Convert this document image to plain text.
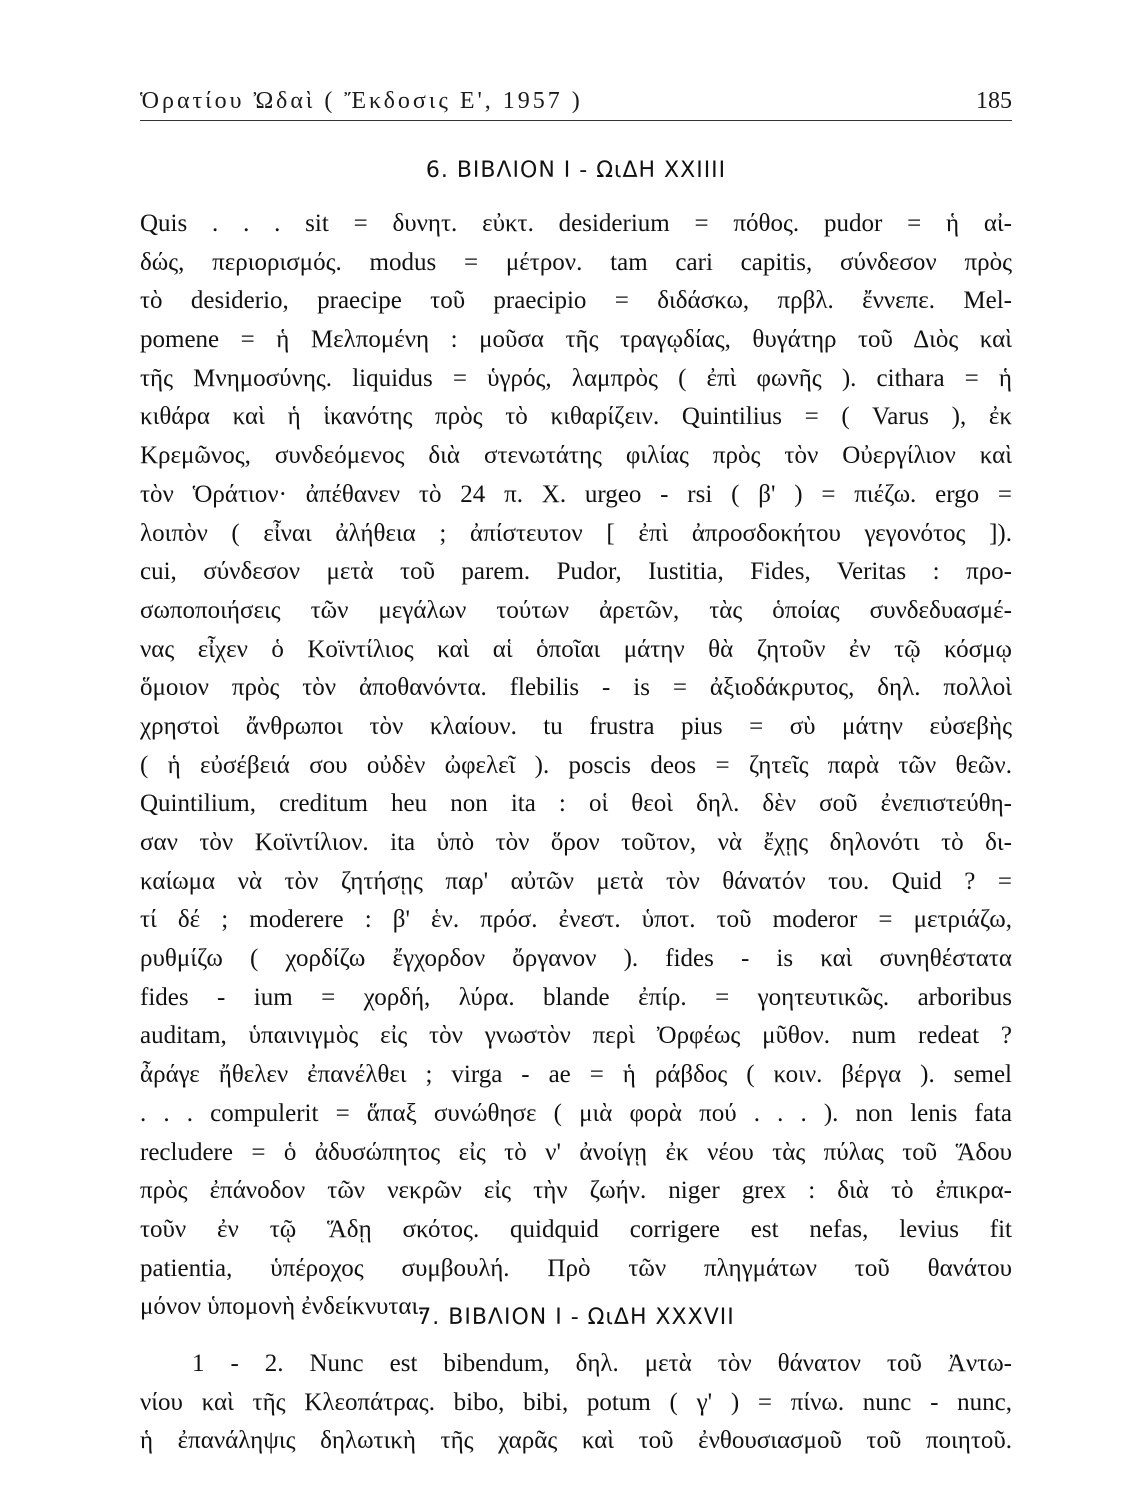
Ὁρατίου Ὠδαὶ ( Ἔκδοσις Ε', 1957 )	185
6. ΒΙΒΛΙΟΝ Ι - ΩιΔΗ XXIIII
Quis . . . sit = δυνητ. εὐκτ. desiderium = πόθος. pudor = ἡ αἰ-
δώς, περιορισμός. modus = μέτρον. tam cari capitis, σύνδεσον πρὸς
τὸ desiderio, praecipe τοῦ praecipio = διδάσκω, πρβλ. ἔννεπε. Mel-
pomene = ἡ Μελπομένη : μοῦσα τῆς τραγῳδίας, θυγάτηρ τοῦ Διὸς καὶ
τῆς Μνημοσύνης. liquidus = ὑγρός, λαμπρὸς ( ἐπὶ φωνῆς ). cithara = ἡ
κιθάρα καὶ ἡ ἱκανότης πρὸς τὸ κιθαρίζειν. Quintilius = ( Varus ), ἐκ
Κρεμῶνος, συνδεόμενος διὰ στενωτάτης φιλίας πρὸς τὸν Οὐεργίλιον καὶ
τὸν Ὁράτιον· ἀπέθανεν τὸ 24 π. Χ. urgeo - rsi ( β' ) = πιέζω. ergo =
λοιπὸν ( εἶναι ἀλήθεια ; ἀπίστευτον [ ἐπὶ ἀπροσδοκήτου γεγονότος ]).
cui, σύνδεσον μετὰ τοῦ parem. Pudor, Iustitia, Fides, Veritas : προ-
σωποποιήσεις τῶν μεγάλων τούτων ἀρετῶν, τὰς ὁποίας συνδεδυασμέ-
νας εἶχεν ὁ Κοϊντίλιος καὶ αἱ ὁποῖαι μάτην θὰ ζητοῦν ἐν τῷ κόσμῳ
ὅμοιον πρὸς τὸν ἀποθανόντα. flebilis - is = ἀξιοδάκρυτος, δηλ. πολλοὶ
χρηστοὶ ἄνθρωποι τὸν κλαίουν. tu frustra pius = σὺ μάτην εὐσεβὴς
( ἡ εὐσέβειά σου οὐδὲν ὠφελεῖ ). poscis deos = ζητεῖς παρὰ τῶν θεῶν.
Quintilium, creditum heu non ita : οἱ θεοὶ δηλ. δὲν σοῦ ἐνεπιστεύθη-
σαν τὸν Κοϊντίλιον. ita ὑπὸ τὸν ὅρον τοῦτον, νὰ ἔχῃς δηλονότι τὸ δι-
καίωμα νὰ τὸν ζητήσῃς παρ' αὐτῶν μετὰ τὸν θάνατόν του. Quid ? =
τί δέ ; moderere : β' ἑν. πρόσ. ἐνεστ. ὑποτ. τοῦ moderor = μετριάζω,
ρυθμίζω ( χορδίζω ἔγχορδον ὄργανον ). fides - is καὶ συνηθέστατα
fides - ium = χορδή, λύρα. blande ἐπίρ. = γοητευτικῶς. arboribus
auditam, ὑπαινιγμὸς εἰς τὸν γνωστὸν περὶ Ὀρφέως μῦθον. num redeat ?
ἆράγε ἤθελεν ἐπανέλθει ; virga - ae = ἡ ράβδος ( κοιν. βέργα ). semel
. . . compulerit = ἅπαξ συνώθησε ( μιὰ φορὰ πού . . . ). non lenis fata
recludere = ὁ ἀδυσώπητος εἰς τὸ ν' ἀνοίγῃ ἐκ νέου τὰς πύλας τοῦ Ἅδου
πρὸς ἐπάνοδον τῶν νεκρῶν εἰς τὴν ζωήν. niger grex : διὰ τὸ ἐπικρα-
τοῦν ἐν τῷ Ἅδῃ σκότος. quidquid corrigere est nefas, levius fit
patientia, ὑπέροχος συμβουλή. Πρὸ τῶν πληγμάτων τοῦ θανάτου
μόνον ὑπομονὴ ἐνδείκνυται.
7. ΒΙΒΛΙΟΝ Ι - ΩιΔΗ XXXVII
1 - 2. Nunc est bibendum, δηλ. μετὰ τὸν θάνατον τοῦ Ἀντω-
νίου καὶ τῆς Κλεοπάτρας. bibo, bibi, potum ( γ' ) = πίνω. nunc - nunc,
ἡ ἐπανάληψις δηλωτικὴ τῆς χαρᾶς καὶ τοῦ ἐνθουσιασμοῦ τοῦ ποιητοῦ.
